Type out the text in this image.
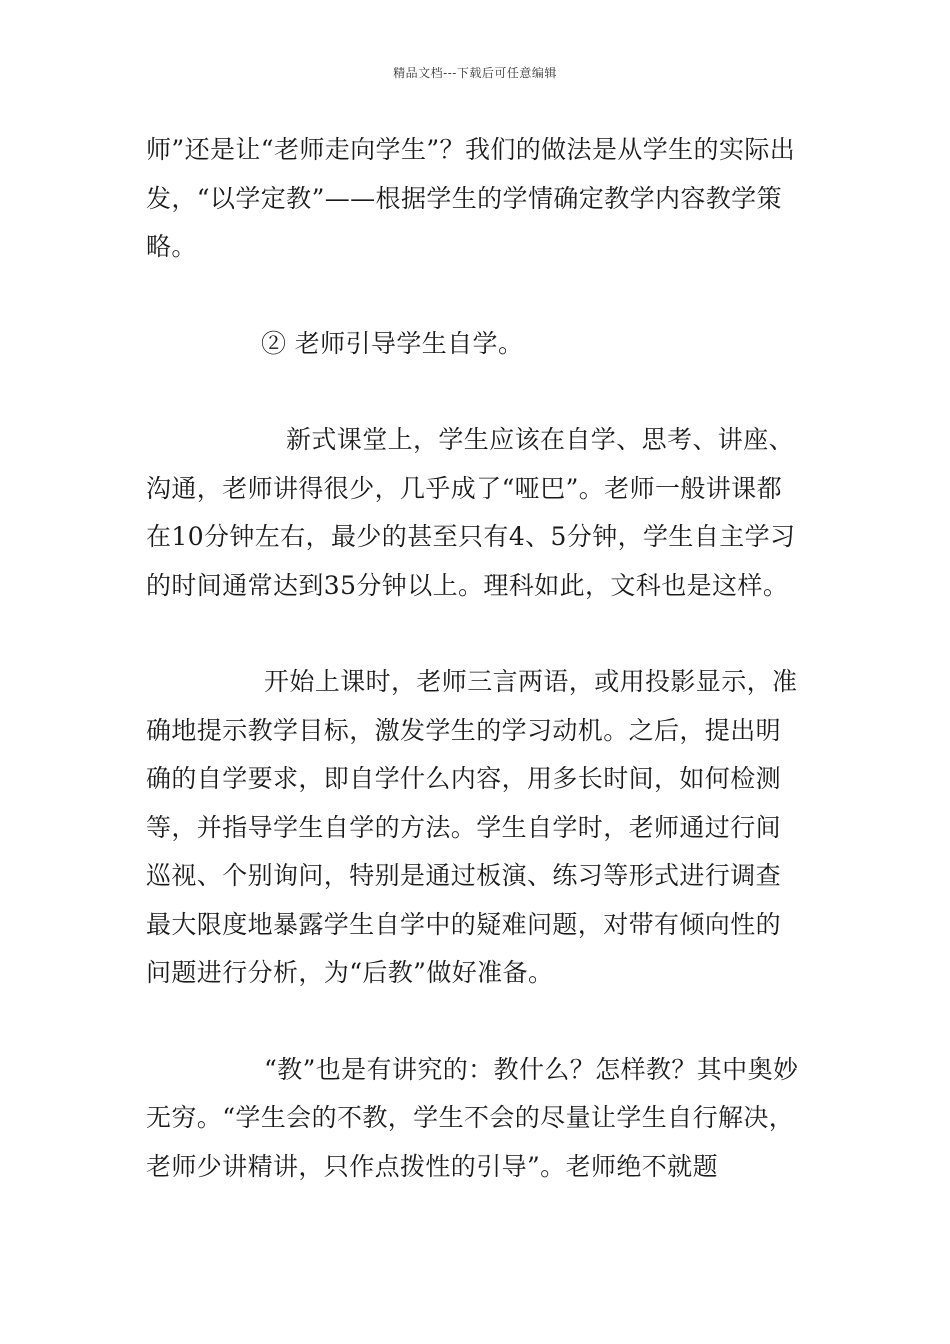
精品文档---下载后可任意编辑

师”还是让“老师走向学生”？我们的做法是从学生的实际出发，“以学定教”——根据学生的学情确定教学内容教学策略。

② 老师引导学生自学。

新式课堂上，学生应该在自学、思考、讲座、沟通，老师讲得很少，几乎成了“哑巴”。老师一般讲课都在10分钟左右，最少的甚至只有4、5分钟，学生自主学习的时间通常达到35分钟以上。理科如此，文科也是这样。

开始上课时，老师三言两语，或用投影显示，准确地提示教学目标，激发学生的学习动机。之后，提出明确的自学要求，即自学什么内容，用多长时间，如何检测等，并指导学生自学的方法。学生自学时，老师通过行间巡视、个别询问，特别是通过板演、练习等形式进行调查最大限度地暴露学生自学中的疑难问题，对带有倾向性的问题进行分析，为“后教”做好准备。

“教”也是有讲究的：教什么？怎样教？其中奥妙无穷。“学生会的不教，学生不会的尽量让学生自行解决，老师少讲精讲，只作点拨性的引导”。老师绝不就题
